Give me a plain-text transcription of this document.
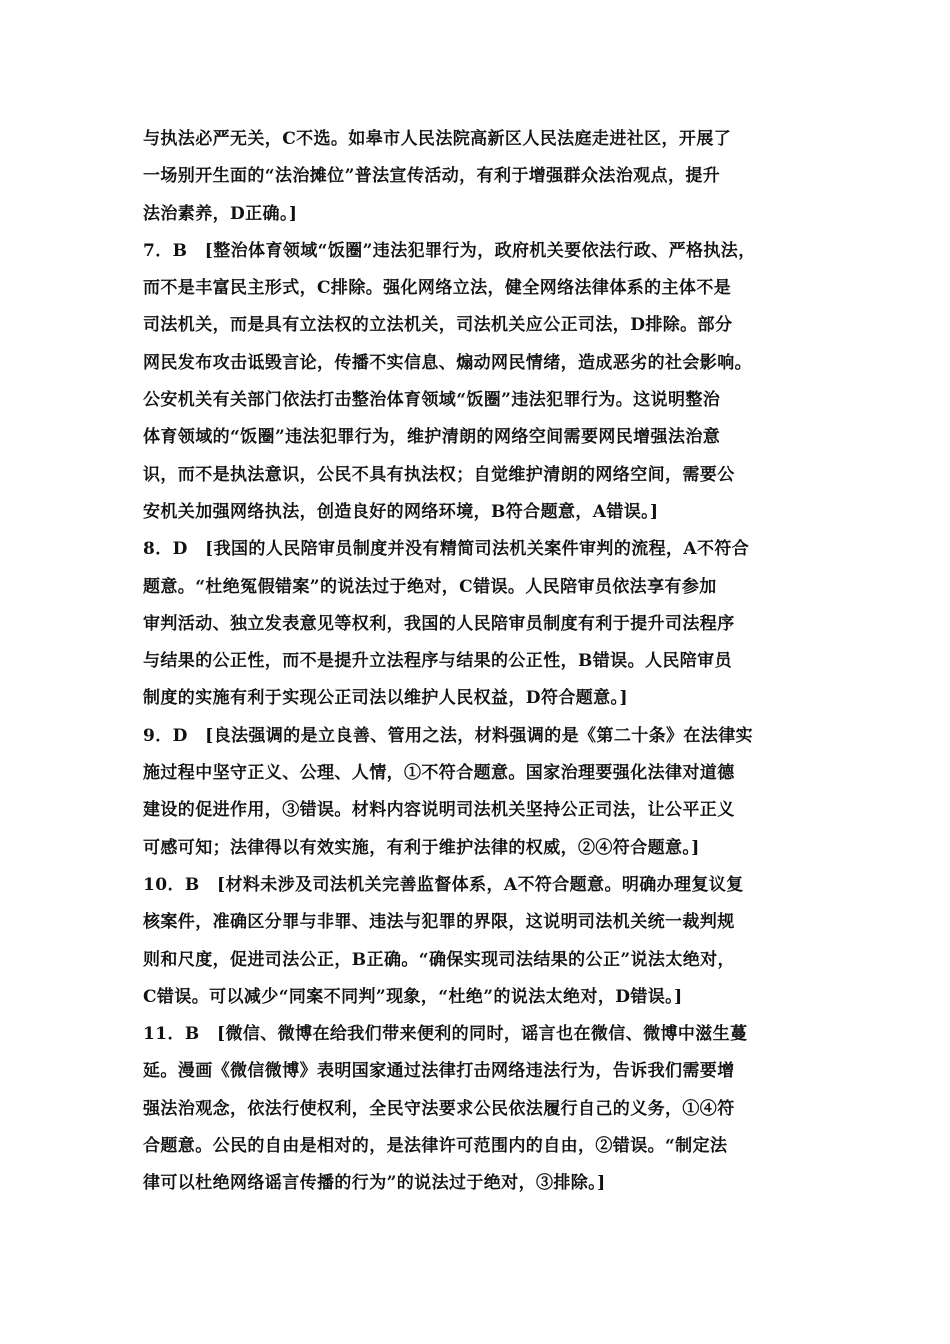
与执法必严无关，C不选。如皋市人民法院高新区人民法庭走进社区，开展了
一场别开生面的“法治摊位”普法宣传活动，有利于增强群众法治观点，提升
法治素养，D正确。]
7．B　[整治体育领域“饭圈”违法犯罪行为，政府机关要依法行政、严格执法，
而不是丰富民主形式，C排除。强化网络立法，健全网络法律体系的主体不是
司法机关，而是具有立法权的立法机关，司法机关应公正司法，D排除。部分
网民发布攻击诋毁言论，传播不实信息、煽动网民情绪，造成恶劣的社会影响。
公安机关有关部门依法打击整治体育领域“饭圈”违法犯罪行为。这说明整治
体育领域的“饭圈”违法犯罪行为，维护清朗的网络空间需要网民增强法治意
识，而不是执法意识，公民不具有执法权；自觉维护清朗的网络空间，需要公
安机关加强网络执法，创造良好的网络环境，B符合题意，A错误。]
8．D　[我国的人民陪审员制度并没有精简司法机关案件审判的流程，A不符合
题意。“杜绝冤假错案”的说法过于绝对，C错误。人民陪审员依法享有参加
审判活动、独立发表意见等权利，我国的人民陪审员制度有利于提升司法程序
与结果的公正性，而不是提升立法程序与结果的公正性，B错误。人民陪审员
制度的实施有利于实现公正司法以维护人民权益，D符合题意。]
9．D　[良法强调的是立良善、管用之法，材料强调的是《第二十条》在法律实
施过程中坚守正义、公理、人情，①不符合题意。国家治理要强化法律对道德
建设的促进作用，③错误。材料内容说明司法机关坚持公正司法，让公平正义
可感可知；法律得以有效实施，有利于维护法律的权威，②④符合题意。]
10．B　[材料未涉及司法机关完善监督体系，A不符合题意。明确办理复议复
核案件，准确区分罪与非罪、违法与犯罪的界限，这说明司法机关统一裁判规
则和尺度，促进司法公正，B正确。“确保实现司法结果的公正”说法太绝对，
C错误。可以减少“同案不同判”现象，“杜绝”的说法太绝对，D错误。]
11．B　[微信、微博在给我们带来便利的同时，谣言也在微信、微博中滋生蔓
延。漫画《微信微博》表明国家通过法律打击网络违法行为，告诉我们需要增
强法治观念，依法行使权利，全民守法要求公民依法履行自己的义务，①④符
合题意。公民的自由是相对的，是法律许可范围内的自由，②错误。“制定法
律可以杜绝网络谣言传播的行为”的说法过于绝对，③排除。]
